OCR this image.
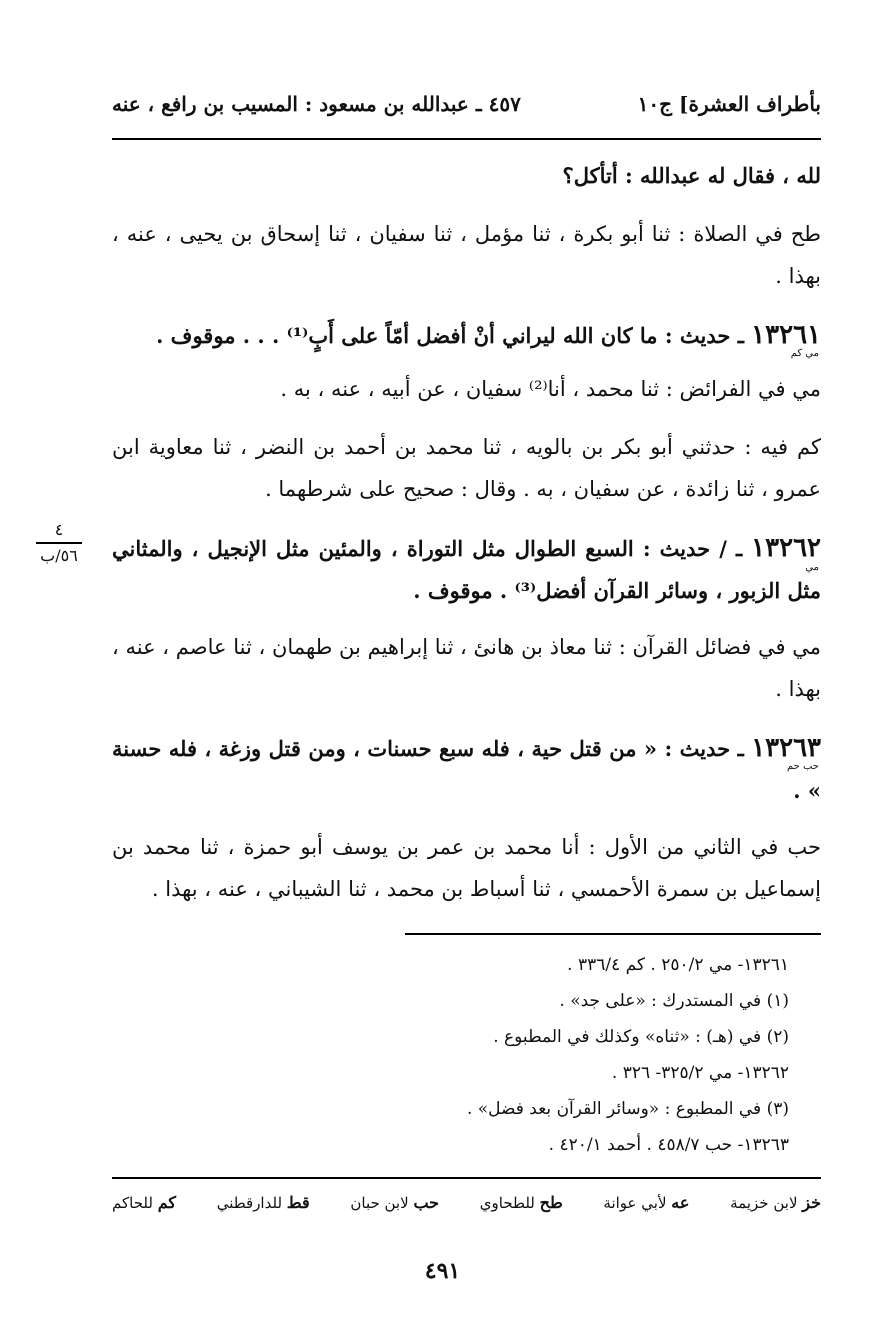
بأطراف العشرة] ج١٠
٤٥٧ ـ عبدالله بن مسعود : المسيب بن رافع ، عنه
لله ، فقال له عبدالله : أتأكل؟
طح في الصلاة : ثنا أبو بكرة ، ثنا مؤمل ، ثنا سفيان ، ثنا إسحاق بن يحيى ، عنه ، بهذا .
١٣٢٦١ ـ حديث : ما كان الله ليراني أنْ أفضل أمّاً على أَبٍ⁽¹⁾ . . . موقوف .
مي كم
مي في الفرائض : ثنا محمد ، أنا⁽²⁾ سفيان ، عن أبيه ، عنه ، به .
كم فيه : حدثني أبو بكر بن بالويه ، ثنا محمد بن أحمد بن النضر ، ثنا معاوية ابن عمرو ، ثنا زائدة ، عن سفيان ، به . وقال : صحيح على شرطهما .
١٣٢٦٢ ـ / حديث : السبع الطوال مثل التوراة ، والمئين مثل الإنجيل ، والمثاني مثل الزبور ، وسائر القرآن أفضل⁽³⁾ . موقوف .
مي
٤
٥٦/ب
مي في فضائل القرآن : ثنا معاذ بن هانئ ، ثنا إبراهيم بن طهمان ، ثنا عاصم ، عنه ، بهذا .
١٣٢٦٣ ـ حديث : « من قتل حية ، فله سبع حسنات ، ومن قتل وزغة ، فله حسنة » .
حب حم
حب في الثاني من الأول : أنا محمد بن عمر بن يوسف أبو حمزة ، ثنا محمد بن إسماعيل بن سمرة الأحمسي ، ثنا أسباط بن محمد ، ثنا الشيباني ، عنه ، بهذا .
١٣٢٦١- مي ٢٥٠/٢ . كم ٣٣٦/٤ .
(١) في المستدرك : «على جد» .
(٢) في (هـ) : «ثناه» وكذلك في المطبوع .
١٣٢٦٢- مي ٣٢٥/٢- ٣٢٦ .
(٣) في المطبوع : «وسائر القرآن بعد فضل» .
١٣٢٦٣- حب ٤٥٨/٧ . أحمد ٤٢٠/١ .
خز لابن خزيمة
عه لأبي عوانة
طح للطحاوي
حب لابن حبان
قط للدارقطني
كم للحاكم
٤٩١
